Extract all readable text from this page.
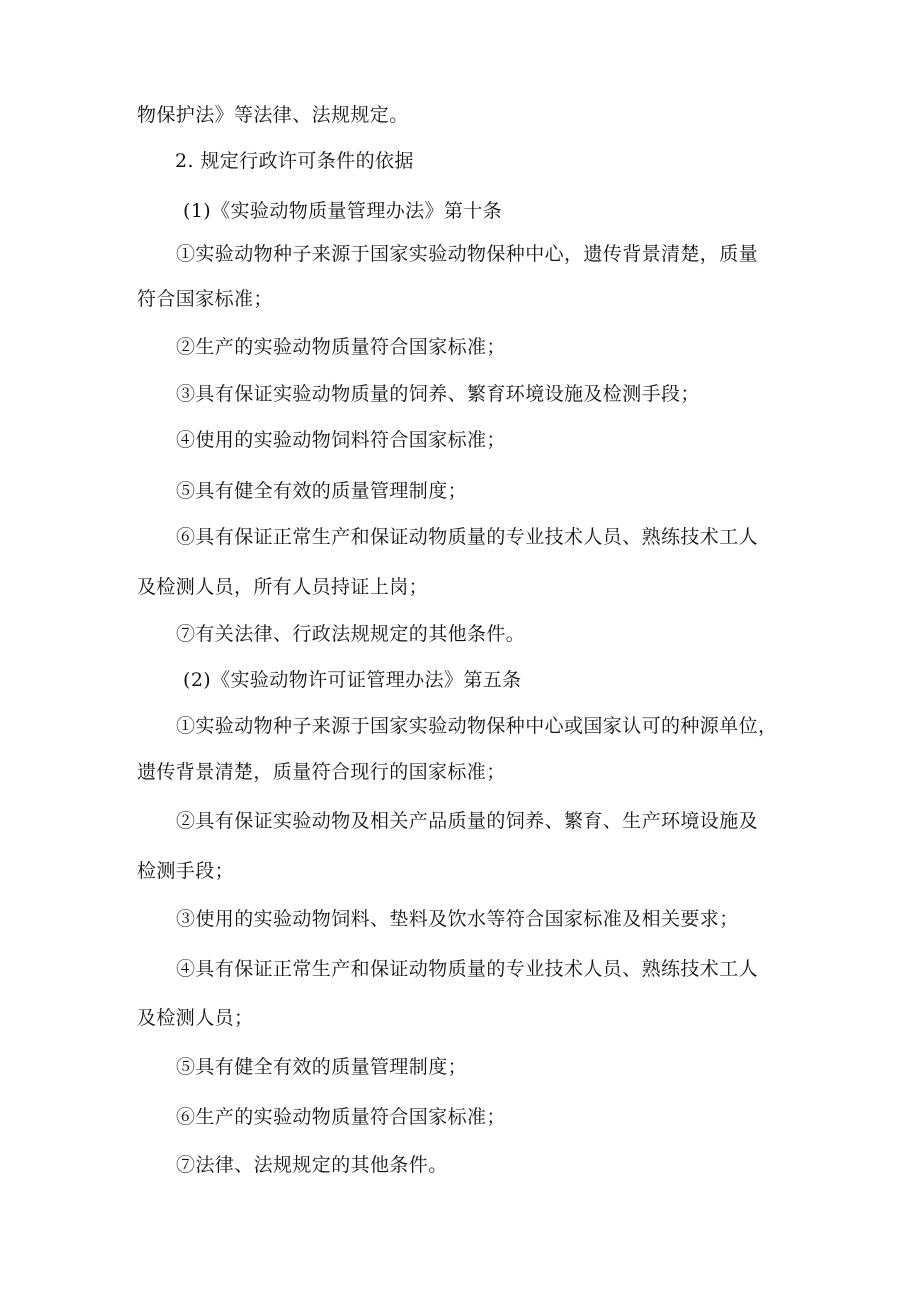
物保护法》等法律、法规规定。

2. 规定行政许可条件的依据

(1)《实验动物质量管理办法》第十条

①实验动物种子来源于国家实验动物保种中心，遗传背景清楚，质量

符合国家标准；

②生产的实验动物质量符合国家标准；

③具有保证实验动物质量的饲养、繁育环境设施及检测手段；

④使用的实验动物饲料符合国家标准；

⑤具有健全有效的质量管理制度；

⑥具有保证正常生产和保证动物质量的专业技术人员、熟练技术工人

及检测人员，所有人员持证上岗；

⑦有关法律、行政法规规定的其他条件。

(2)《实验动物许可证管理办法》第五条

①实验动物种子来源于国家实验动物保种中心或国家认可的种源单位，

遗传背景清楚，质量符合现行的国家标准；

②具有保证实验动物及相关产品质量的饲养、繁育、生产环境设施及

检测手段；

③使用的实验动物饲料、垫料及饮水等符合国家标准及相关要求；

④具有保证正常生产和保证动物质量的专业技术人员、熟练技术工人

及检测人员；

⑤具有健全有效的质量管理制度；

⑥生产的实验动物质量符合国家标准；

⑦法律、法规规定的其他条件。
